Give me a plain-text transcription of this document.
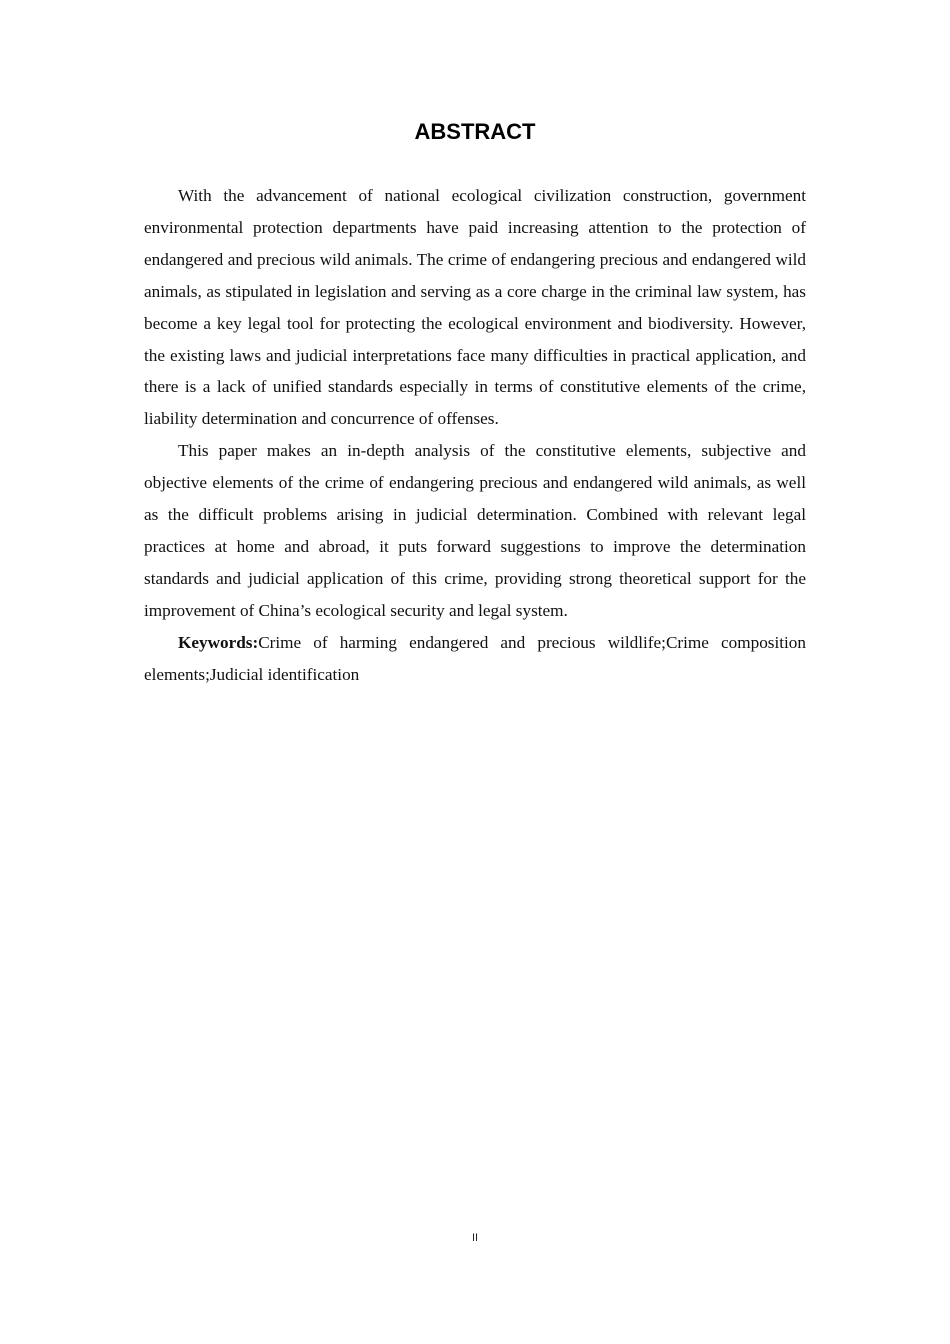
ABSTRACT

With the advancement of national ecological civilization construction, government environmental protection departments have paid increasing attention to the protection of endangered and precious wild animals. The crime of endangering precious and endangered wild animals, as stipulated in legislation and serving as a core charge in the criminal law system, has become a key legal tool for protecting the ecological environment and biodiversity. However, the existing laws and judicial interpretations face many difficulties in practical application, and there is a lack of unified standards especially in terms of constitutive elements of the crime, liability determination and concurrence of offenses.

This paper makes an in-depth analysis of the constitutive elements, subjective and objective elements of the crime of endangering precious and endangered wild animals, as well as the difficult problems arising in judicial determination. Combined with relevant legal practices at home and abroad, it puts forward suggestions to improve the determination standards and judicial application of this crime, providing strong theoretical support for the improvement of China’s ecological security and legal system.

Keywords:Crime of harming endangered and precious wildlife;Crime composition elements;Judicial identification

II
